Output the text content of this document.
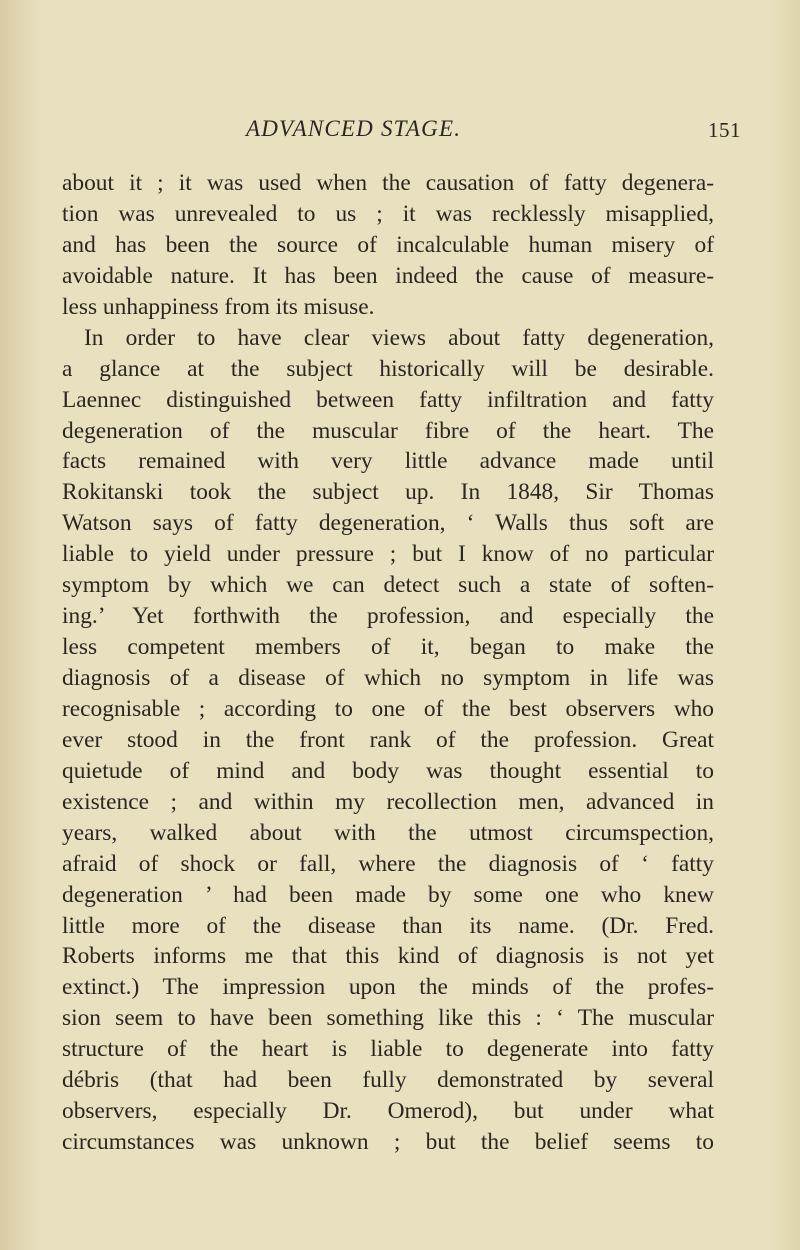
ADVANCED STAGE.	151
about it ; it was used when the causation of fatty degenera-
tion was unrevealed to us ; it was recklessly misapplied,
and has been the source of incalculable human misery of
avoidable nature. It has been indeed the cause of measure-
less unhappiness from its misuse.
In order to have clear views about fatty degeneration,
a glance at the subject historically will be desirable.
Laennec distinguished between fatty infiltration and fatty
degeneration of the muscular fibre of the heart. The
facts remained with very little advance made until
Rokitanski took the subject up. In 1848, Sir Thomas
Watson says of fatty degeneration, ‘ Walls thus soft are
liable to yield under pressure ; but I know of no particular
symptom by which we can detect such a state of soften-
ing.’ Yet forthwith the profession, and especially the
less competent members of it, began to make the
diagnosis of a disease of which no symptom in life was
recognisable ; according to one of the best observers who
ever stood in the front rank of the profession. Great
quietude of mind and body was thought essential to
existence ; and within my recollection men, advanced in
years, walked about with the utmost circumspection,
afraid of shock or fall, where the diagnosis of ‘ fatty
degeneration ’ had been made by some one who knew
little more of the disease than its name. (Dr. Fred.
Roberts informs me that this kind of diagnosis is not yet
extinct.) The impression upon the minds of the profes-
sion seem to have been something like this : ‘ The muscular
structure of the heart is liable to degenerate into fatty
débris (that had been fully demonstrated by several
observers, especially Dr. Omerod), but under what
circumstances was unknown ; but the belief seems to
